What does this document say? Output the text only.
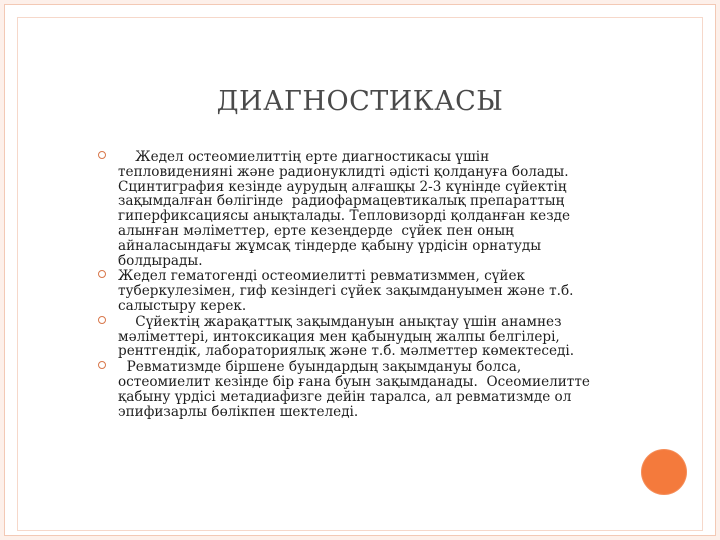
ДИАГНОСТИКАСЫ
Жедел остеомиелиттің ерте диагностикасы үшін
тепловидениянi және радионуклидті әдісті қолдануға болады.
Сцинтиграфия кезінде аурудың алғашқы 2-3 күнінде сүйектің
зақымдалған бөлігінде  радиофармацевтикалық препараттың
гиперфиксациясы анықталады. Тепловизорді қолданған кезде
алынған мәліметтер, ерте кезеңдерде  сүйек пен оның
айналасындағы жұмсақ тіндерде қабыну үрдісін орнатуды
болдырады.
Жедел гематогенді остеомиелитті ревматизммен, сүйек
туберкулезімен, гиф кезіндегі сүйек зақымдануымен және т.б.
салыстыру керек.
Сүйектің жарақаттық зақымдануын анықтау үшін анамнез
мәліметтері, интоксикация мен қабынудың жалпы белгілері,
рентгендік, лабораториялық және т.б. мәлметтер көмектеседі.
Ревматизмде біршене буындардың зақымдануы болса,
остеомиелит кезінде бір ғана буын зақымданады.  Осеомиелитте
қабыну үрдісі метадиафизге дейін таралса, ал ревматизмде ол
эпифизарлы бөлікпен шектеледі.
